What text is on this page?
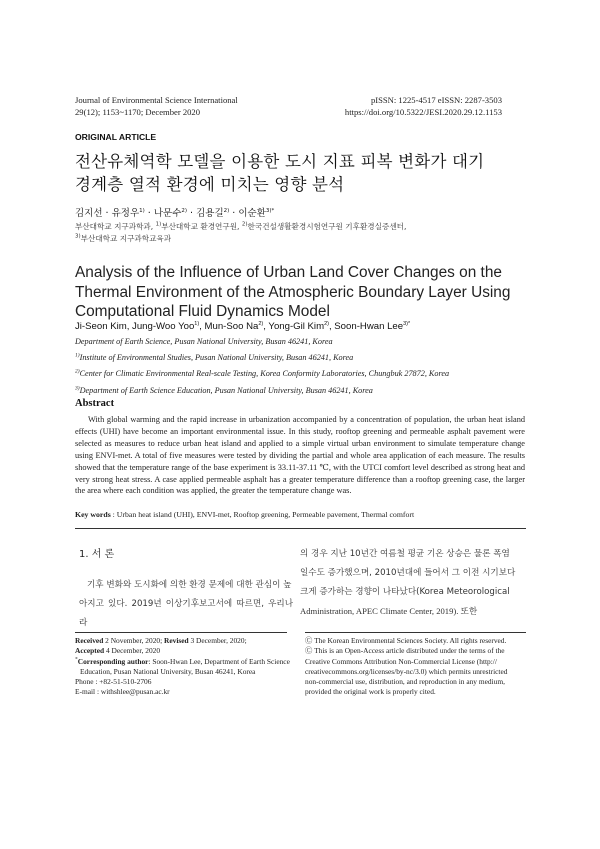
Journal of Environmental Science International
29(12); 1153~1170; December 2020
pISSN: 1225-4517 eISSN: 2287-3503
https://doi.org/10.5322/JESI.2020.29.12.1153
ORIGINAL ARTICLE
전산유체역학 모델을 이용한 도시 지표 피복 변화가 대기
경계층 열적 환경에 미치는 영향 분석
김지선 · 유정우$^{1)}$ · 나문수$^{2)}$ · 김용길$^{2)}$ · 이순환$^{3)*}$
부산대학교 지구과학과, $^{1)}$부산대학교 환경연구원, $^{2)}$한국건설생활환경시험연구원 기후환경실증센터,
$^{3)}$부산대학교 지구과학교육과
Analysis of the Influence of Urban Land Cover Changes on the
Thermal Environment of the Atmospheric Boundary Layer Using
Computational Fluid Dynamics Model
Ji-Seon Kim, Jung-Woo Yoo$^{1)}$, Mun-Soo Na$^{2)}$, Yong-Gil Kim$^{2)}$, Soon-Hwan Lee$^{3)*}$
Department of Earth Science, Pusan National University, Busan 46241, Korea
$^{1)}$Institute of Environmental Studies, Pusan National University, Busan 46241, Korea
$^{2)}$Center for Climatic Environmental Real-scale Testing, Korea Conformity Laboratories, Chungbuk 27872, Korea
$^{3)}$Department of Earth Science Education, Pusan National University, Busan 46241, Korea
Abstract
With global warming and the rapid increase in urbanization accompanied by a concentration of population, the urban heat island effects (UHI) have become an important environmental issue. In this study, rooftop greening and permeable asphalt pavement were selected as measures to reduce urban heat island and applied to a simple virtual urban environment to simulate temperature change using ENVI-met. A total of five measures were tested by dividing the partial and whole area application of each measure. The results showed that the temperature range of the base experiment is 33.11-37.11 ℃, with the UTCI comfort level described as strong heat and very strong heat stress. A case applied permeable asphalt has a greater temperature difference than a rooftop greening case, the larger the area where each condition was applied, the greater the temperature change was.
Key words : Urban heat island (UHI), ENVI-met, Rooftop greening, Permeable pavement, Thermal comfort
1. 서 론
기후 변화와 도시화에 의한 환경 문제에 대한 관심이 높
아지고 있다. 2019년 이상기후보고서에 따르면, 우리나라
의 경우 지난 10년간 여름철 평균 기온 상승은 물론 폭염
일수도 증가했으며, 2010년대에 들어서 그 이전 시기보다
크게 증가하는 경향이 나타났다(Korea Meteorological
Administration, APEC Climate Center, 2019). 또한
Received 2 November, 2020; Revised 3 December, 2020;
Accepted 4 December, 2020
*Corresponding author: Soon-Hwan Lee, Department of Earth Science
Education, Pusan National University, Busan 46241, Korea
Phone : +82-51-510-2706
E-mail : withshlee@pusan.ac.kr
Ⓒ The Korean Environmental Sciences Society. All rights reserved.
Ⓒ This is an Open-Access article distributed under the terms of the
Creative Commons Attribution Non-Commercial License (http://
creativecommons.org/licenses/by-nc/3.0) which permits unrestricted
non-commercial use, distribution, and reproduction in any medium,
provided the original work is properly cited.
